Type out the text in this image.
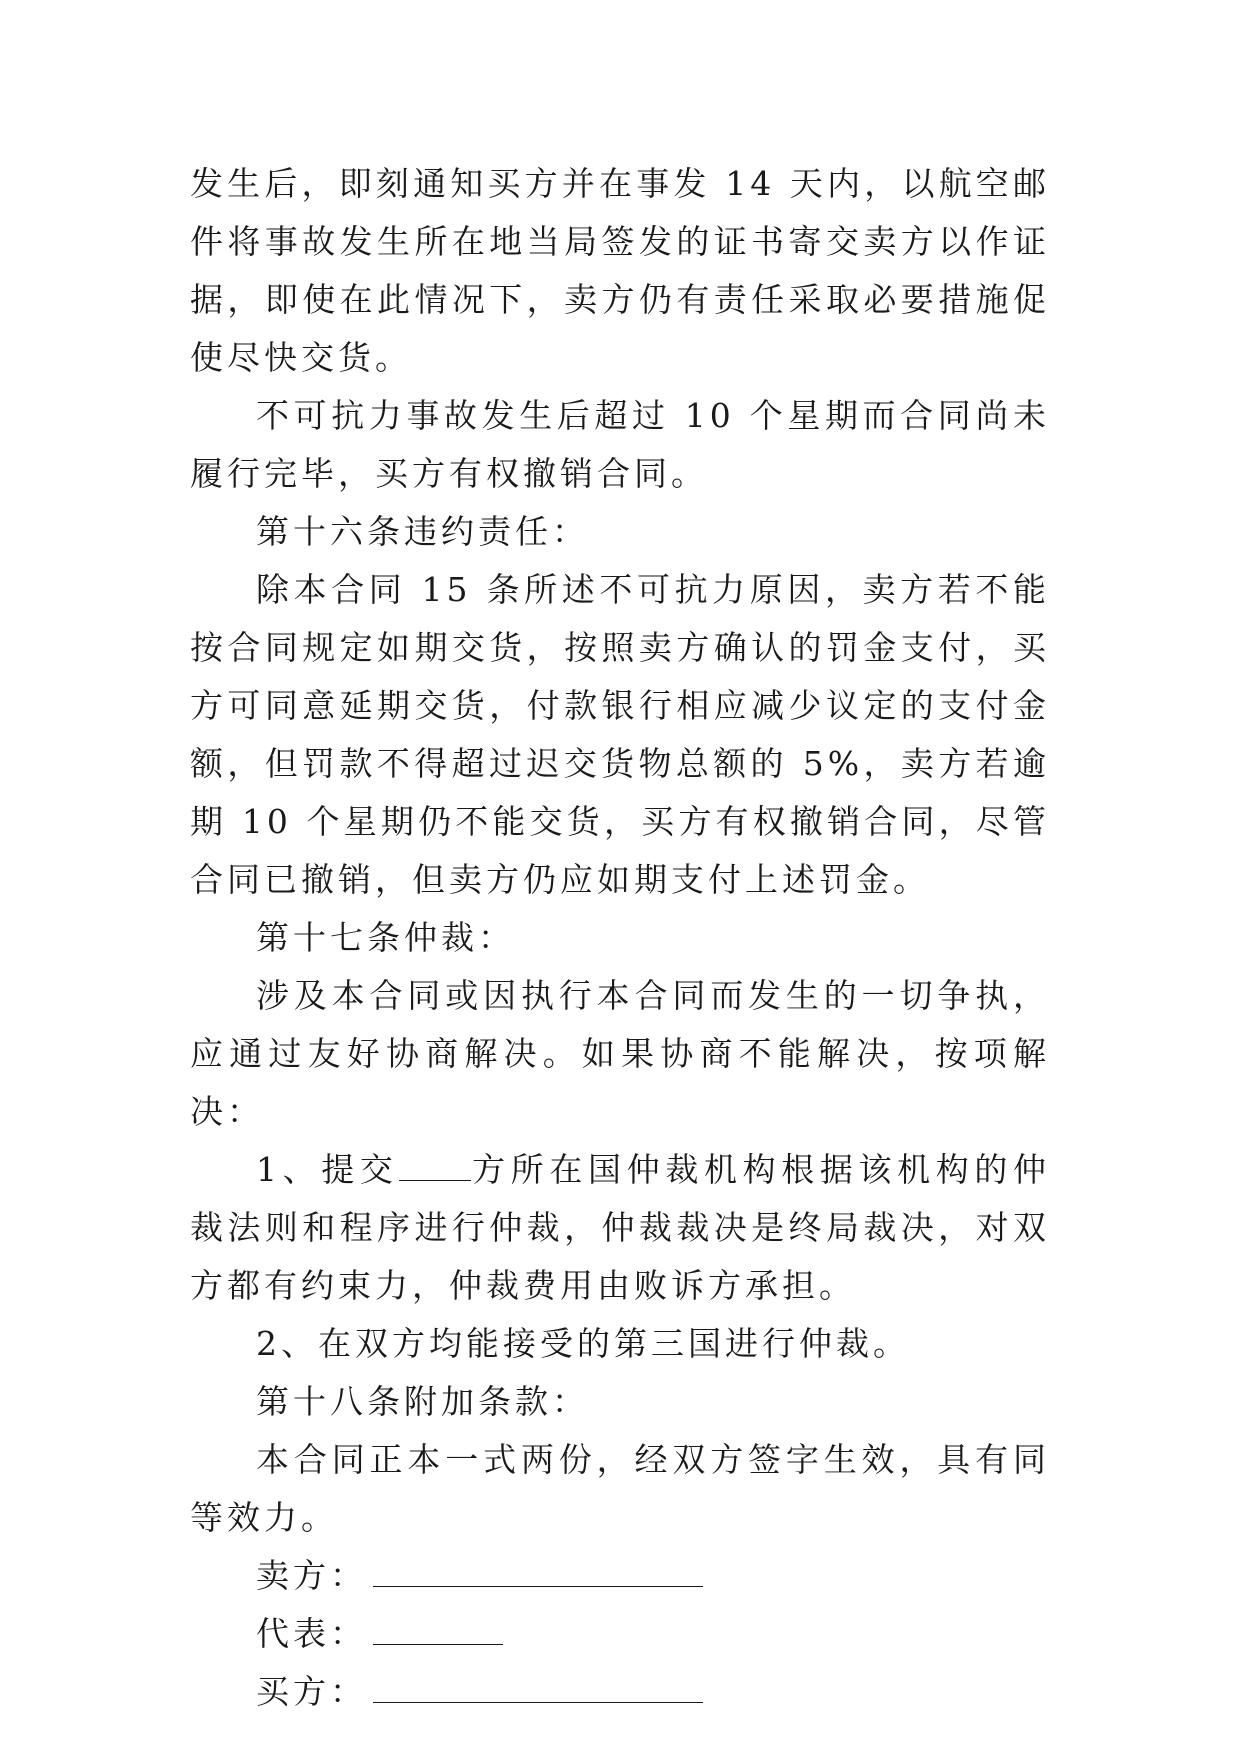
发生后，即刻通知买方并在事发 14 天内，以航空邮件将事故发生所在地当局签发的证书寄交卖方以作证据，即使在此情况下，卖方仍有责任采取必要措施促使尽快交货。

不可抗力事故发生后超过 10 个星期而合同尚未履行完毕，买方有权撤销合同。

第十六条违约责任：

除本合同 15 条所述不可抗力原因，卖方若不能按合同规定如期交货，按照卖方确认的罚金支付，买方可同意延期交货，付款银行相应减少议定的支付金额，但罚款不得超过迟交货物总额的 5%，卖方若逾期 10 个星期仍不能交货，买方有权撤销合同，尽管合同已撤销，但卖方仍应如期支付上述罚金。

第十七条仲裁：

涉及本合同或因执行本合同而发生的一切争执，应通过友好协商解决。如果协商不能解决，按项解决：

1、提交 方所在国仲裁机构根据该机构的仲裁法则和程序进行仲裁，仲裁裁决是终局裁决，对双方都有约束力，仲裁费用由败诉方承担。

2、在双方均能接受的第三国进行仲裁。

第十八条附加条款：

本合同正本一式两份，经双方签字生效，具有同等效力。

卖方：

代表：

买方：
